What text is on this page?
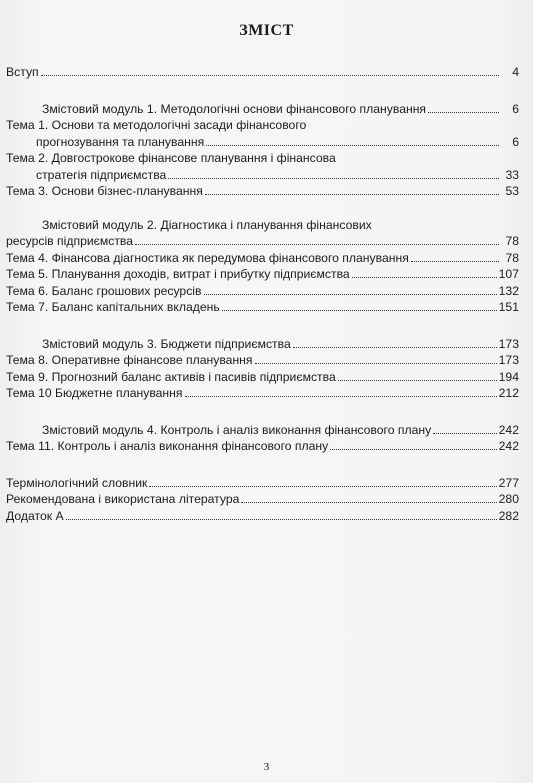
ЗМІСТ
Вступ	4
Змістовий модуль 1. Методологічні основи фінансового планування	6
Тема 1. Основи та методологічні засади фінансового
прогнозування та планування	6
Тема 2. Довгострокове фінансове планування і фінансова
стратегія підприємства	33
Тема 3. Основи бізнес-планування	53
Змістовий модуль 2. Діагностика і планування фінансових
ресурсів підприємства	78
Тема 4. Фінансова діагностика як передумова фінансового планування	78
Тема 5. Планування доходів, витрат і прибутку підприємства	107
Тема 6. Баланс грошових ресурсів	132
Тема 7. Баланс капітальних вкладень	151
Змістовий модуль 3. Бюджети підприємства	173
Тема 8. Оперативне фінансове планування	173
Тема 9. Прогнозний баланс активів і пасивів підприємства	194
Тема 10 Бюджетне планування	212
Змістовий модуль 4. Контроль і аналіз виконання фінансового плану	242
Тема 11. Контроль і аналіз виконання фінансового плану	242
Термінологічний словник	277
Рекомендована і використана література	280
Додаток А	282
3
